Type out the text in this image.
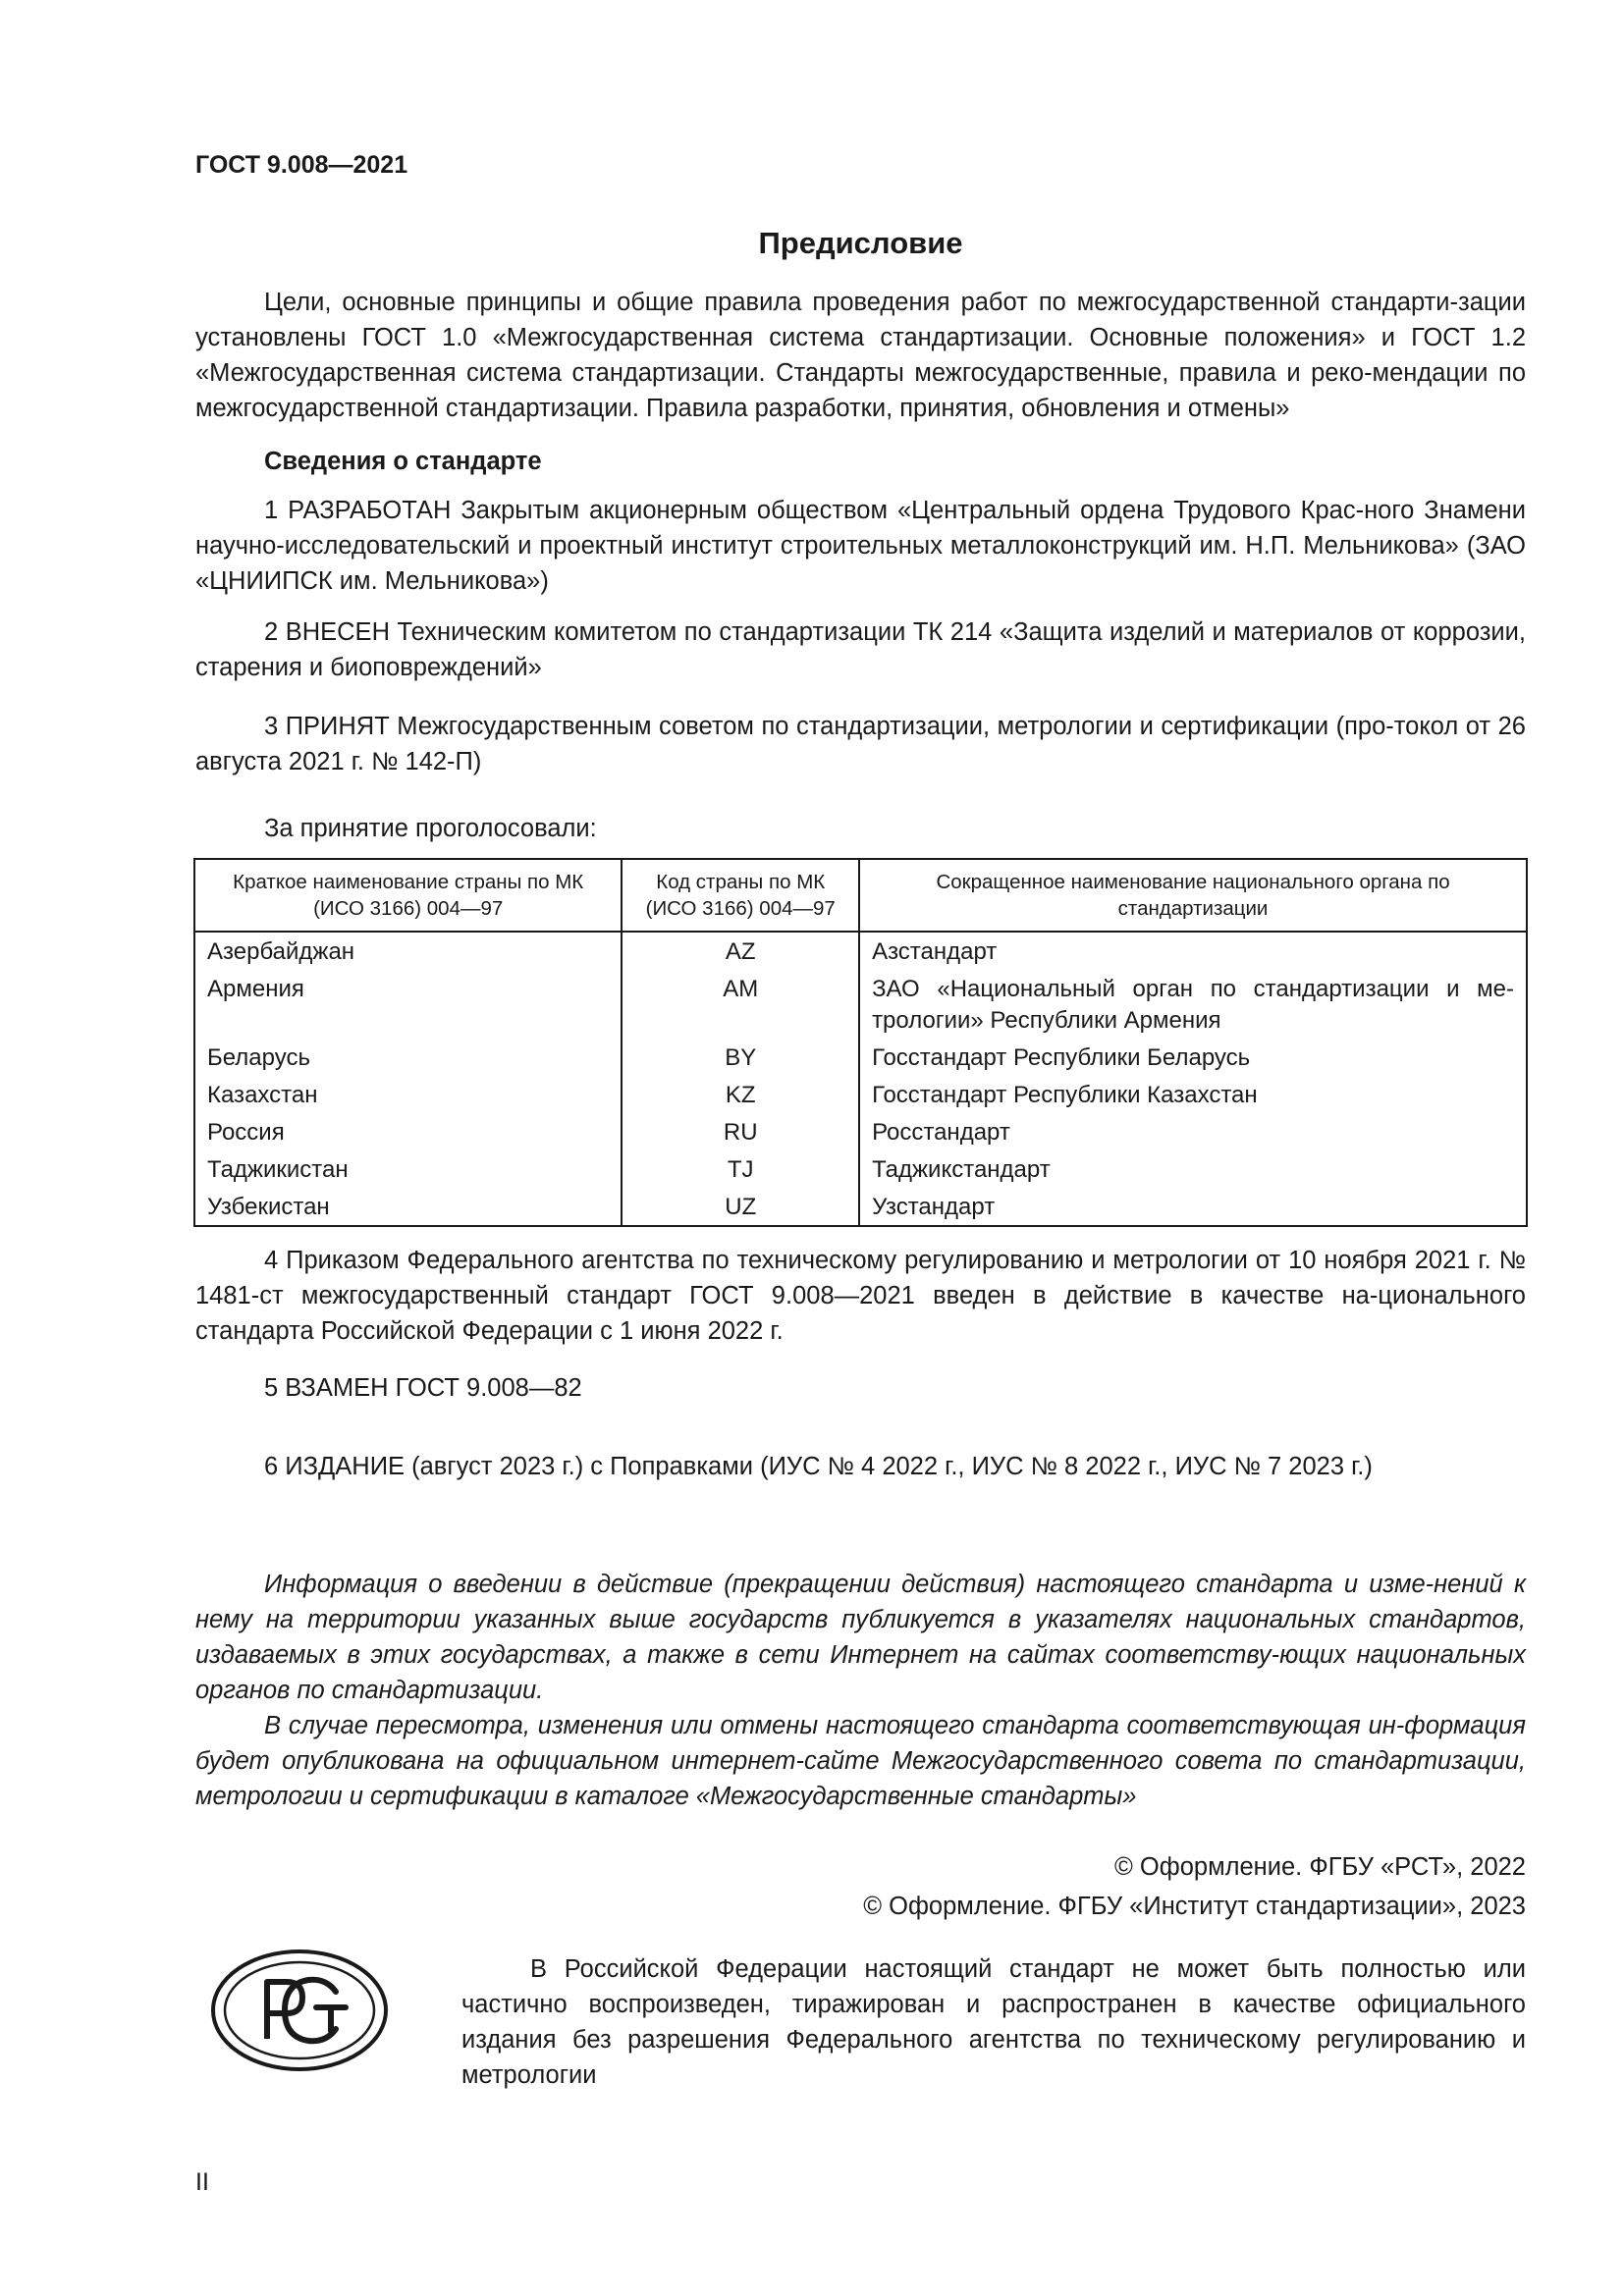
ГОСТ 9.008—2021
Предисловие

Цели, основные принципы и общие правила проведения работ по межгосударственной стандарти-зации установлены ГОСТ 1.0 «Межгосударственная система стандартизации. Основные положения» и ГОСТ 1.2 «Межгосударственная система стандартизации. Стандарты межгосударственные, правила и реко-мендации по межгосударственной стандартизации. Правила разработки, принятия, обновления и отмены»

Сведения о стандарте

1 РАЗРАБОТАН Закрытым акционерным обществом «Центральный ордена Трудового Крас-ного Знамени научно-исследовательский и проектный институт строительных металлоконструкций им. Н.П. Мельникова» (ЗАО «ЦНИИПСК им. Мельникова»)

2 ВНЕСЕН Техническим комитетом по стандартизации ТК 214 «Защита изделий и материалов от коррозии, старения и биоповреждений»

3 ПРИНЯТ Межгосударственным советом по стандартизации, метрологии и сертификации (про-токол от 26 августа 2021 г. № 142-П)

За принятие проголосовали:

Краткое наименование страны по МК (ИСО 3166) 004—97	Код страны по МК (ИСО 3166) 004—97	Сокращенное наименование национального органа по стандартизации
Азербайджан	AZ	Азстандарт
Армения	AM	ЗАО «Национальный орган по стандартизации и ме-трологии» Республики Армения
Беларусь	BY	Госстандарт Республики Беларусь
Казахстан	KZ	Госстандарт Республики Казахстан
Россия	RU	Росстандарт
Таджикистан	TJ	Таджикстандарт
Узбекистан	UZ	Узстандарт

4 Приказом Федерального агентства по техническому регулированию и метрологии от 10 ноября 2021 г. № 1481-ст межгосударственный стандарт ГОСТ 9.008—2021 введен в действие в качестве на-ционального стандарта Российской Федерации с 1 июня 2022 г.

5 ВЗАМЕН ГОСТ 9.008—82

6 ИЗДАНИЕ (август 2023 г.) с Поправками (ИУС № 4 2022 г., ИУС № 8 2022 г., ИУС № 7 2023 г.)

Информация о введении в действие (прекращении действия) настоящего стандарта и изме-нений к нему на территории указанных выше государств публикуется в указателях национальных стандартов, издаваемых в этих государствах, а также в сети Интернет на сайтах соответству-ющих национальных органов по стандартизации.

В случае пересмотра, изменения или отмены настоящего стандарта соответствующая ин-формация будет опубликована на официальном интернет-сайте Межгосударственного совета по стандартизации, метрологии и сертификации в каталоге «Межгосударственные стандарты»

© Оформление. ФГБУ «РСТ», 2022
© Оформление. ФГБУ «Институт стандартизации», 2023
В Российской Федерации настоящий стандарт не может быть полностью или частично воспроизведен, тиражирован и распространен в качестве официального издания без разрешения Федерального агентства по техническому регулированию и метрологии
II
